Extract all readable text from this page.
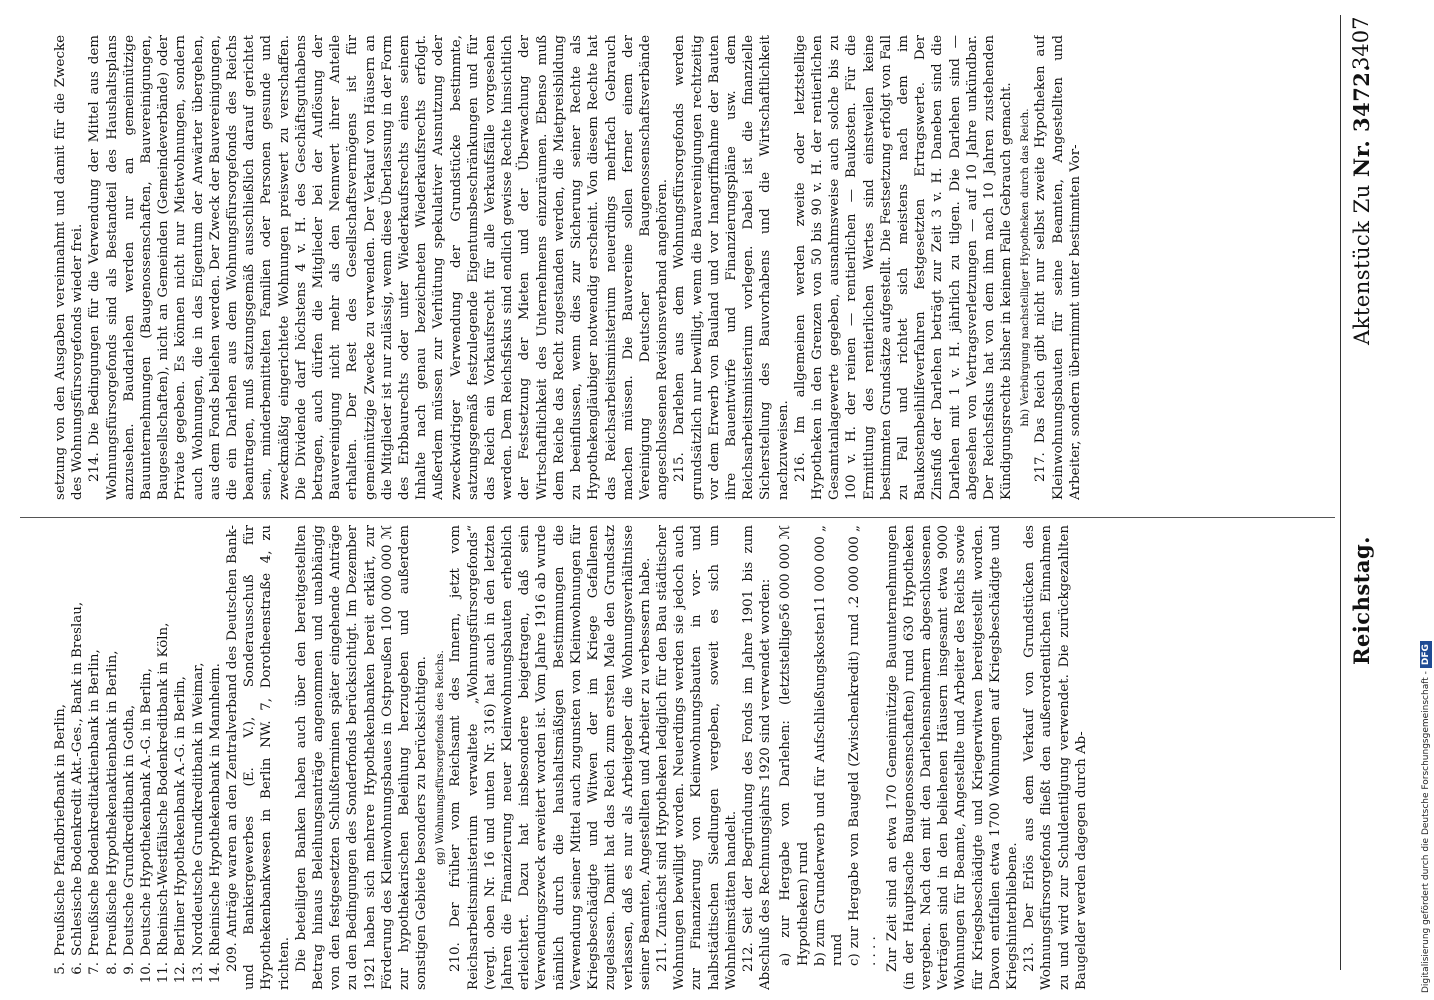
Reichstag.
Aktenstück Zu Nr. 3472.
3407
5.
Preußische Pfandbriefbank in Berlin,
6.
Schlesische Bodenkredit Akt.-Ges., Bank in Breslau,
7.
Preußische Bodenkreditaktienbank in Berlin,
8.
Preußische Hypothekenaktienbank in Berlin,
9.
Deutsche Grundkreditbank in Gotha,
10.
Deutsche Hypothekenbank A.-G. in Berlin,
11.
Rheinisch-Westfälische Bodenkreditbank in Köln,
12.
Berliner Hypothekenbank A.-G. in Berlin,
13.
Norddeutsche Grundkreditbank in Weimar,
14.
Rheinische Hypothekenbank in Mannheim. 209. Anträge waren an den Zentralverband des Deutschen Bank- und Bankiergewerbes (E. V.), Sonderausschuß für Hypothekenbankwesen in Berlin NW. 7, Dorotheenstraße 4, zu richten. Die beteiligten Banken haben auch über den bereitgestellten Betrag hinaus Beleihungsanträge angenommen und unabhängig von den festgesetzten Schlußterminen später eingehende Anträge zu den Bedingungen des Sonderfonds berücksichtigt. Im Dezember 1921 haben sich mehrere Hypothekenbanken bereit erklärt, zur Förderung des Kleinwohnungsbaues in Ostpreußen 100 000 000 ℳ zur hypothekarischen Beleihung herzugeben und außerdem sonstigen Gebiete besonders zu berücksichtigen. gg) Wohnungsfürsorgefonds des Reichs. 210. Der früher vom Reichsamt des Innern, jetzt vom Reichsarbeitsministerium verwaltete „Wohnungsfürsorgefonds“ (vergl. oben Nr. 16 und unten Nr. 316) hat auch in den letzten Jahren die Finanzierung neuer Kleinwohnungsbauten erheblich erleichtert. Dazu hat insbesondere beigetragen, daß sein Verwendungszweck erweitert worden ist. Vom Jahre 1916 ab wurde nämlich durch die haushaltsmäßigen Bestimmungen die Verwendung seiner Mittel auch zugunsten von Kleinwohnungen für Kriegsbeschädigte und Witwen der im Kriege Gefallenen zugelassen. Damit hat das Reich zum ersten Male den Grundsatz verlassen, daß es nur als Arbeitgeber die Wohnungsverhältnisse seiner Beamten, Angestellten und Arbeiter zu verbessern habe. 211. Zunächst sind Hypotheken lediglich für den Bau städtischer Wohnungen bewilligt worden. Neuerdings werden sie jedoch auch zur Finanzierung von Kleinwohnungsbauten in vor- und halbstädtischen Siedlungen vergeben, soweit es sich um Wohnheimstätten handelt. 212. Seit der Begründung des Fonds im Jahre 1901 bis zum Abschluß des Rechnungsjahrs 1920 sind verwendet worden: a) zur Hergabe von Darlehen: (letztstellige Hypotheken) rund
56 000 000 ℳ
b) zum Grunderwerb und für Aufschließungskosten rund
11 000 000 „
c) zur Hergabe von Baugeld (Zwischenkredit) rund . . . . .
2 000 000 „	Zur Zeit sind an etwa 170 Gemeinnützige Bauunternehmungen (in der Hauptsache Baugenossenschaften) rund 630 Hypotheken vergeben. Nach den mit den Darlehensnehmern abgeschlossenen Verträgen sind in den beliehenen Häusern insgesamt etwa 9000 Wohnungen für Beamte, Angestellte und Arbeiter des Reichs sowie für Kriegsbeschädigte und Kriegerwitwen bereitgestellt worden. Davon entfallen etwa 1700 Wohnungen auf Kriegsbeschädigte und Kriegshinterbliebene. 213. Der Erlös aus dem Verkauf von Grundstücken des Wohnungsfürsorgefonds fließt den außerordentlichen Einnahmen zu und wird zur Schuldentilgung verwendet. Die zurückgezahlten Baugelder werden dagegen durch Ab-

setzung von den Ausgaben vereinnahmt und damit für die Zwecke des Wohnungsfürsorgefonds wieder frei. 214. Die Bedingungen für die Verwendung der Mittel aus dem Wohnungsfürsorgefonds sind als Bestandteil des Haushaltsplans anzusehen. Baudarlehen werden nur an gemeinnützige Bauunternehmungen (Baugenossenschaften, Bauvereinigungen, Baugesellschaften), nicht an Gemeinden (Gemeindeverbände) oder Private gegeben. Es können nicht nur Mietwohnungen, sondern auch Wohnungen, die in das Eigentum der Anwärter übergehen, aus dem Fonds beliehen werden. Der Zweck der Bauvereinigungen, die ein Darlehen aus dem Wohnungsfürsorgefonds des Reichs beantragen, muß satzungsgemäß ausschließlich darauf gerichtet sein, minderbemittelten Familien oder Personen gesunde und zweckmäßig eingerichtete Wohnungen preiswert zu verschaffen. Die Dividende darf höchstens 4 v. H. des Geschäftsguthabens betragen, auch dürfen die Mitglieder bei der Auflösung der Bauvereinigung nicht mehr als den Nennwert ihrer Anteile erhalten. Der Rest des Gesellschaftsvermögens ist für gemeinnützige Zwecke zu verwenden. Der Verkauf von Häusern an die Mitglieder ist nur zulässig, wenn diese Überlassung in der Form des Erbbaurechts oder unter Wiederkaufsrechts eines seinem Inhalte nach genau bezeichneten Wiederkaufsrechts erfolgt. Außerdem müssen zur Verhütung spekulativer Ausnutzung oder zweckwidriger Verwendung der Grundstücke bestimmte, satzungsgemäß festzulegende Eigentumsbeschränkungen und für das Reich ein Vorkaufsrecht für alle Verkaufsfälle vorgesehen werden. Dem Reichsfiskus sind endlich gewisse Rechte hinsichtlich der Festsetzung der Mieten und der Überwachung der Wirtschaftlichkeit des Unternehmens einzuräumen. Ebenso muß dem Reiche das Recht zugestanden werden, die Mietpreisbildung zu beeinflussen, wenn dies zur Sicherung seiner Rechte als Hypothekengläubiger notwendig erscheint. Von diesem Rechte hat das Reichsarbeitsministerium neuerdings mehrfach Gebrauch machen müssen. Die Bauvereine sollen ferner einem der Vereinigung Deutscher Baugenossenschaftsverbände angeschlossenen Revisionsverband angehören. 215. Darlehen aus dem Wohnungsfürsorgefonds werden grundsätzlich nur bewilligt, wenn die Bauvereinigungen rechtzeitig vor dem Erwerb von Bauland und vor Inangriffnahme der Bauten ihre Bauentwürfe und Finanzierungspläne usw. dem Reichsarbeitsministerium vorlegen. Dabei ist die finanzielle Sicherstellung des Bauvorhabens und die Wirtschaftlichkeit nachzuweisen. 216. Im allgemeinen werden zweite oder letztstellige Hypotheken in den Grenzen von 50 bis 90 v. H. der rentierlichen Gesamtanlagewerte gegeben, ausnahmsweise auch solche bis zu 100 v. H. der reinen — rentierlichen — Baukosten. Für die Ermittlung des rentierlichen Wertes sind einstweilen keine bestimmten Grundsätze aufgestellt. Die Festsetzung erfolgt von Fall zu Fall und richtet sich meistens nach dem im Baukostenbeihilfeverfahren festgesetzten Ertragswerte. Der Zinsfuß der Darlehen beträgt zur Zeit 3 v. H. Daneben sind die Darlehen mit 1 v. H. jährlich zu tilgen. Die Darlehen sind — abgesehen von Vertragsverletzungen — auf 10 Jahre unkündbar. Der Reichsfiskus hat von dem ihm nach 10 Jahren zustehenden Kündigungsrechte bisher in keinem Falle Gebrauch gemacht. hh) Verbürgung nachstelliger Hypotheken durch das Reich. 217. Das Reich gibt nicht nur selbst zweite Hypotheken auf Kleinwohnungsbauten für seine Beamten, Angestellten und Arbeiter, sondern übernimmt unter bestimmten Vor-

Digitalisierung gefördert durch die Deutsche Forschungsgemeinschaft -DFG
